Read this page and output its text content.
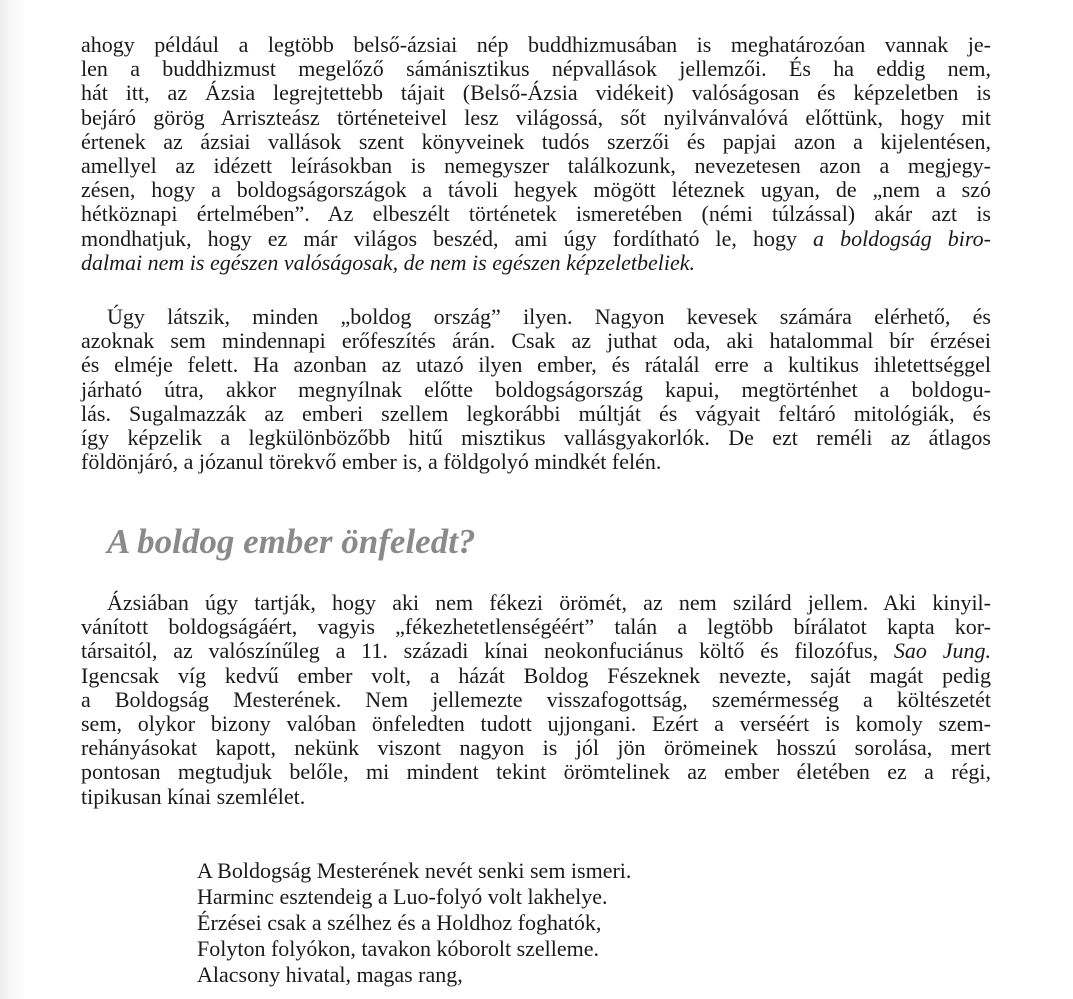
ahogy például a legtöbb belső-ázsiai nép buddhizmusában is meghatározóan vannak je-
len a buddhizmust megelőző sámánisztikus népvallások jellemzői. És ha eddig nem,
hát itt, az Ázsia legrejtettebb tájait (Belső-Ázsia vidékeit) valóságosan és képzeletben is
bejáró görög Arriszteász történeteivel lesz világossá, sőt nyilvánvalóvá előttünk, hogy mit
értenek az ázsiai vallások szent könyveinek tudós szerzői és papjai azon a kijelentésen,
amellyel az idézett leírásokban is nemegyszer találkozunk, nevezetesen azon a megjegy-
zésen, hogy a boldogságországok a távoli hegyek mögött léteznek ugyan, de „nem a szó
hétköznapi értelmében”. Az elbeszélt történetek ismeretében (némi túlzással) akár azt is
mondhatjuk, hogy ez már világos beszéd, ami úgy fordítható le, hogy a boldogság biro-
dalmai nem is egészen valóságosak, de nem is egészen képzeletbeliek.
Úgy látszik, minden „boldog ország” ilyen. Nagyon kevesek számára elérhető, és
azoknak sem mindennapi erőfeszítés árán. Csak az juthat oda, aki hatalommal bír érzései
és elméje felett. Ha azonban az utazó ilyen ember, és rátalál erre a kultikus ihletettséggel
járható útra, akkor megnyílnak előtte boldogságország kapui, megtörténhet a boldogu-
lás. Sugalmazzák az emberi szellem legkorábbi múltját és vágyait feltáró mitológiák, és
így képzelik a legkülönbözőbb hitű misztikus vallásgyakorlók. De ezt reméli az átlagos
földönjáró, a józanul törekvő ember is, a földgolyó mindkét felén.
A boldog ember önfeledt?
Ázsiában úgy tartják, hogy aki nem fékezi örömét, az nem szilárd jellem. Aki kinyil-
vánított boldogságáért, vagyis „fékezhetetlenségéért” talán a legtöbb bírálatot kapta kor-
társaitól, az valószínűleg a 11. századi kínai neokonfuciánus költő és filozófus, Sao Jung.
Igencsak víg kedvű ember volt, a házát Boldog Fészeknek nevezte, saját magát pedig
a Boldogság Mesterének. Nem jellemezte visszafogottság, szemérmesség a költészetét
sem, olykor bizony valóban önfeledten tudott ujjongani. Ezért a verséért is komoly szem-
rehányásokat kapott, nekünk viszont nagyon is jól jön örömeinek hosszú sorolása, mert
pontosan megtudjuk belőle, mi mindent tekint örömtelinek az ember életében ez a régi,
tipikusan kínai szemlélet.
A Boldogság Mesterének nevét senki sem ismeri.
Harminc esztendeig a Luo-folyó volt lakhelye.
Érzései csak a szélhez és a Holdhoz foghatók,
Folyton folyókon, tavakon kóborolt szelleme.
Alacsony hivatal, magas rang,
